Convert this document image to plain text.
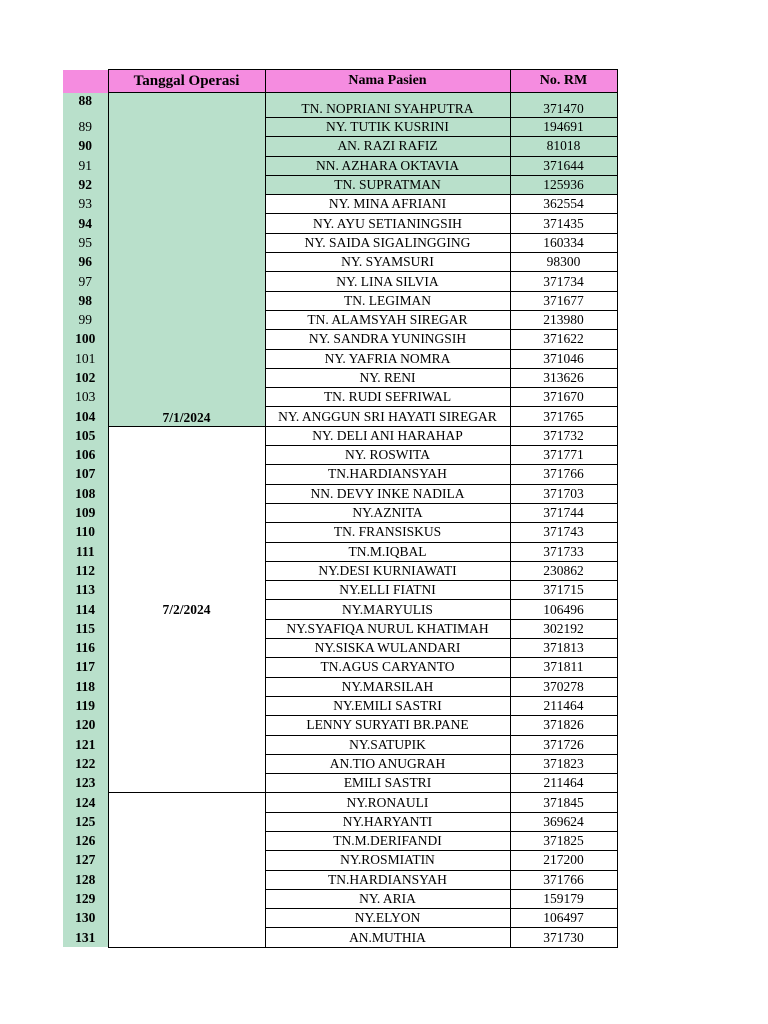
	Tanggal Operasi	Nama Pasien	No. RM
88	7/1/2024	TN. NOPRIANI SYAHPUTRA	371470
89		NY. TUTIK KUSRINI	194691
90		AN. RAZI RAFIZ	81018
91		NN. AZHARA OKTAVIA	371644
92		TN. SUPRATMAN	125936
93		NY. MINA AFRIANI	362554
94		NY. AYU SETIANINGSIH	371435
95		NY. SAIDA SIGALINGGING	160334
96		NY. SYAMSURI	98300
97		NY. LINA SILVIA	371734
98		TN. LEGIMAN	371677
99		TN. ALAMSYAH SIREGAR	213980
100		NY. SANDRA YUNINGSIH	371622
101		NY. YAFRIA NOMRA	371046
102		NY. RENI	313626
103		TN. RUDI SEFRIWAL	371670
104		NY. ANGGUN SRI HAYATI SIREGAR	371765
105	7/2/2024	NY. DELI ANI HARAHAP	371732
106		NY. ROSWITA	371771
107		TN.HARDIANSYAH	371766
108		NN. DEVY INKE NADILA	371703
109		NY.AZNITA	371744
110		TN. FRANSISKUS	371743
111		TN.M.IQBAL	371733
112		NY.DESI KURNIAWATI	230862
113		NY.ELLI FIATNI	371715
114		NY.MARYULIS	106496
115		NY.SYAFIQA NURUL KHATIMAH	302192
116		NY.SISKA WULANDARI	371813
117		TN.AGUS CARYANTO	371811
118		NY.MARSILAH	370278
119		NY.EMILI SASTRI	211464
120		LENNY SURYATI BR.PANE	371826
121		NY.SATUPIK	371726
122		AN.TIO ANUGRAH	371823
123		EMILI SASTRI	211464
124		NY.RONAULI	371845
125		NY.HARYANTI	369624
126		TN.M.DERIFANDI	371825
127		NY.ROSMIATIN	217200
128		TN.HARDIANSYAH	371766
129		NY. ARIA	159179
130		NY.ELYON	106497
131		AN.MUTHIA	371730
